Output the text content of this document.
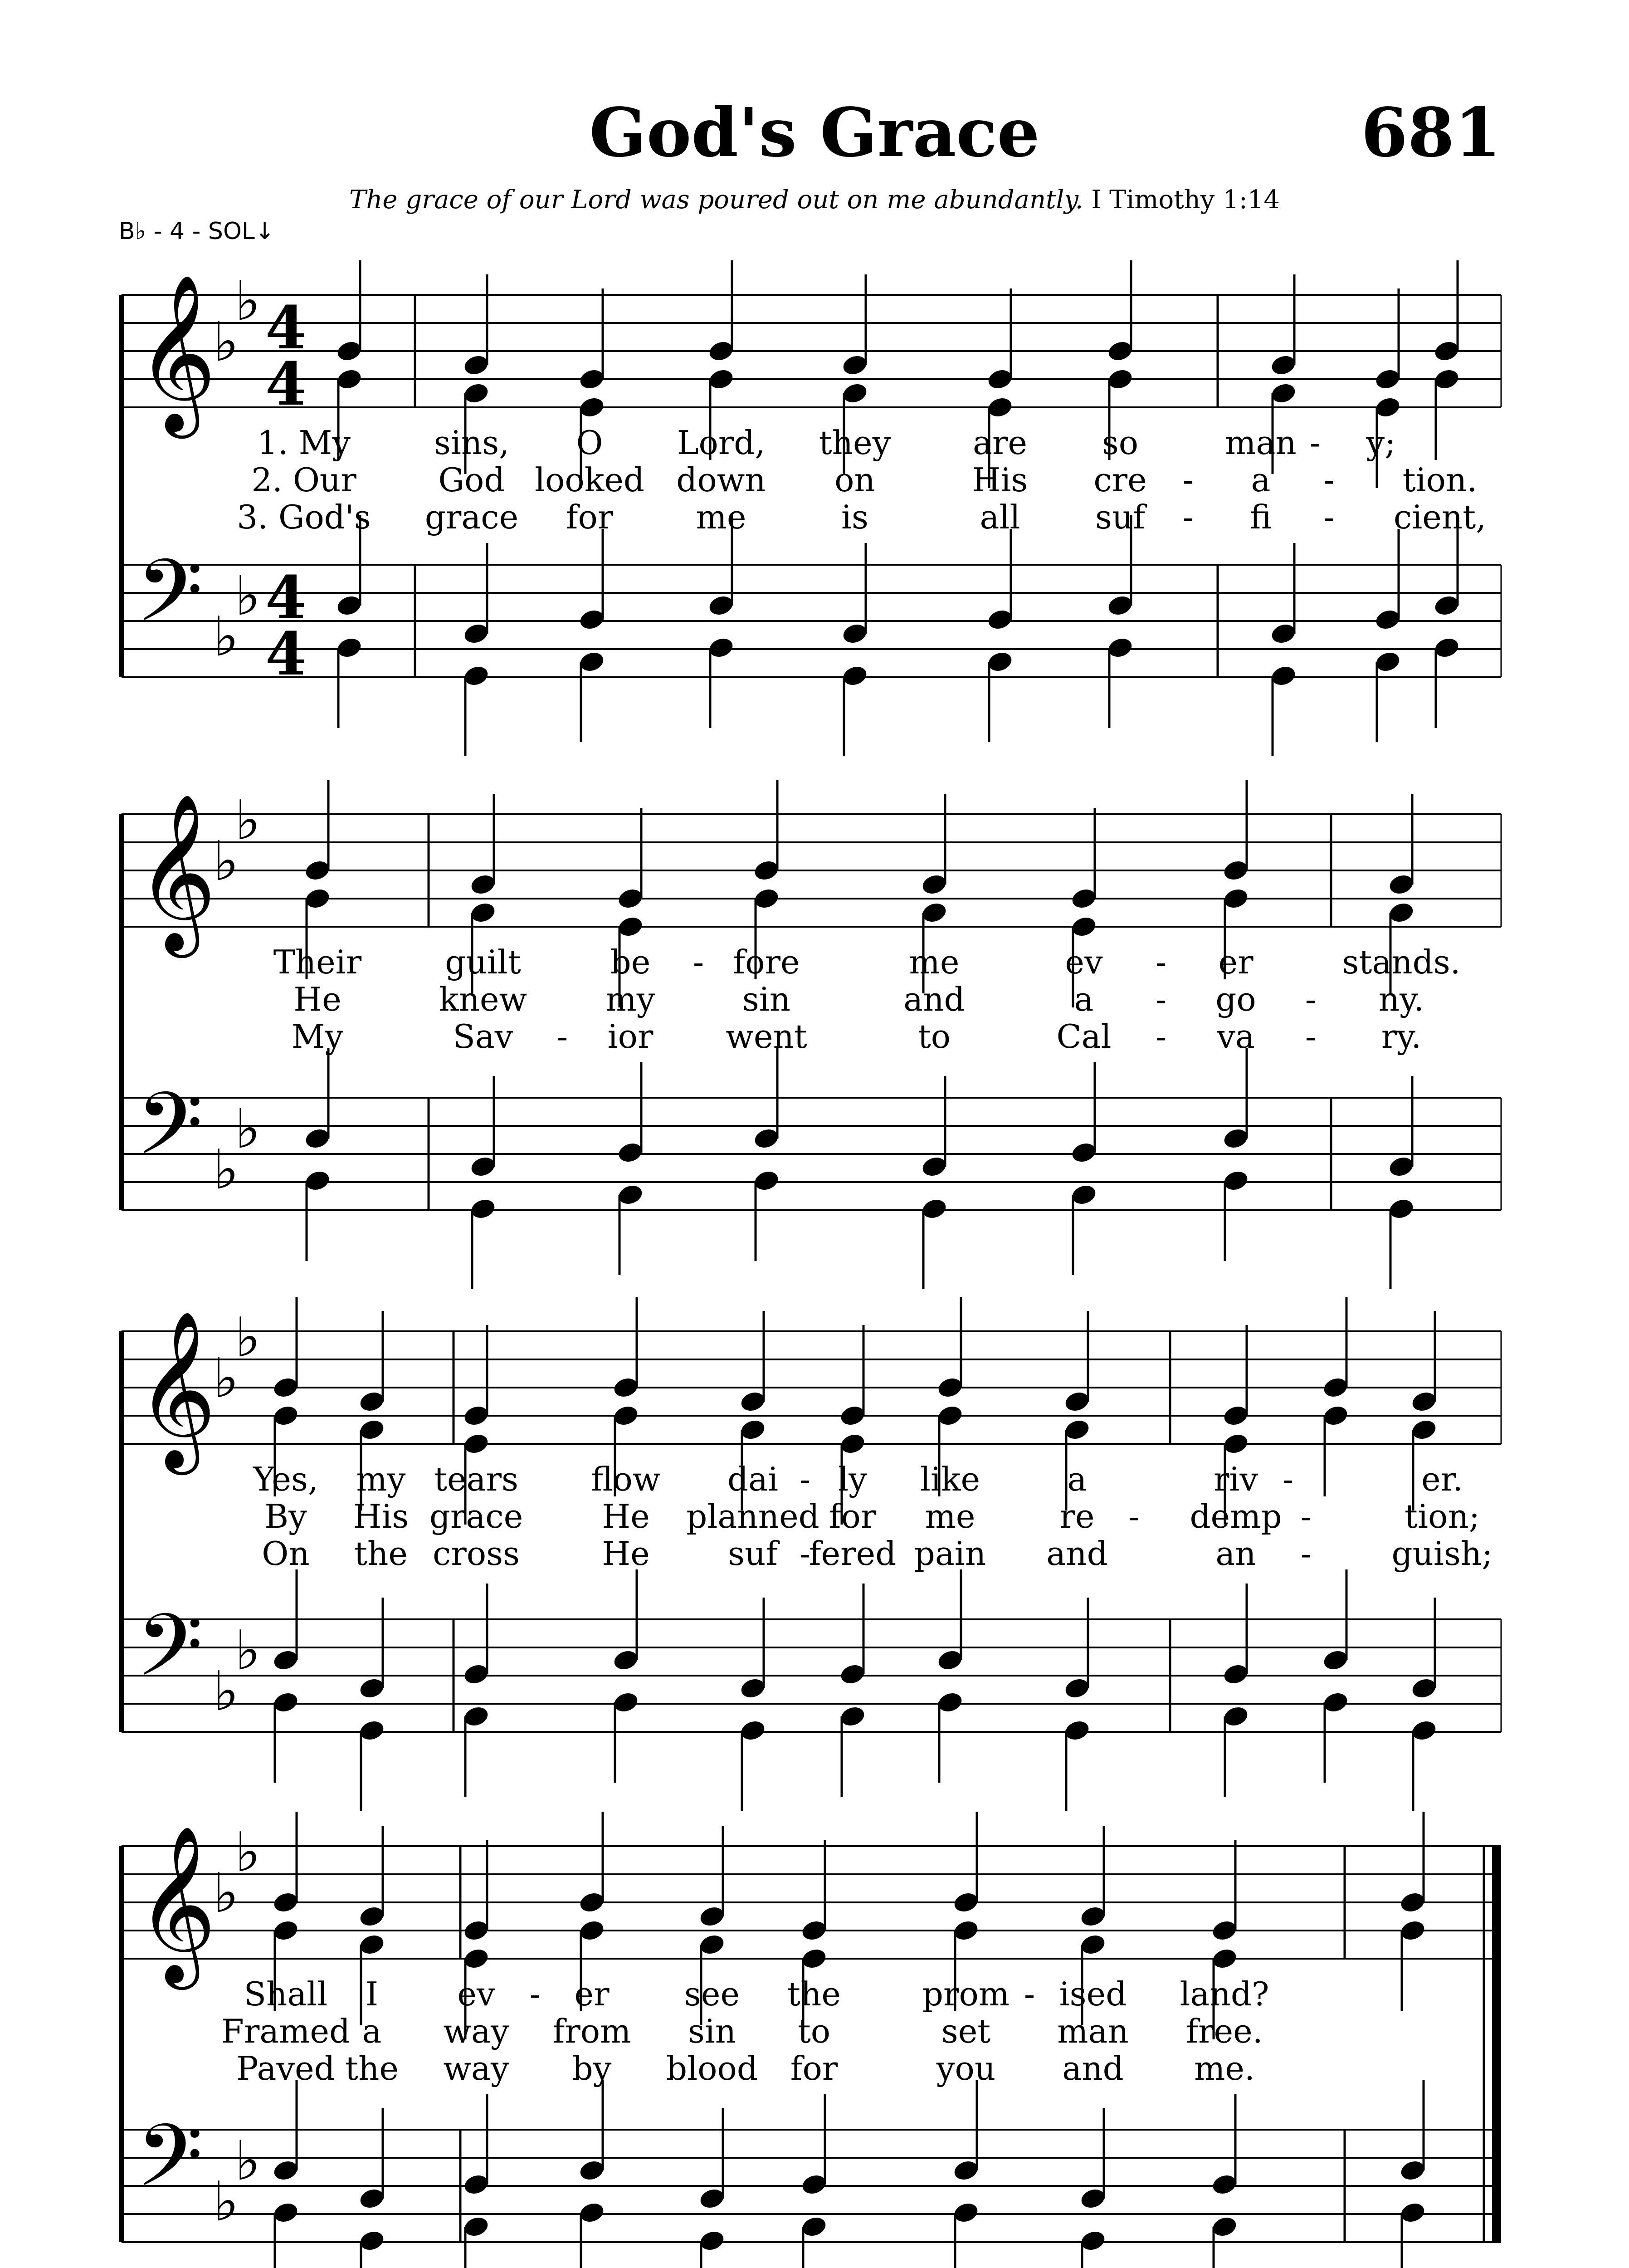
God's Grace	681
The grace of our Lord was poured out on me abundantly. I Timothy 1:14
B♭ - 4 - SOL↓
𝄞
𝄢
♭
♭
♭
♭
4
4
4
4
𝄞
𝄢
♭
♭
♭
♭
𝄞
𝄢
♭
♭
♭
♭
𝄞
𝄢
♭
♭
♭
♭
1. My	sins, O Lord, they	are so	man - y;
2. Our	God looked down on	His cre - a - tion.
3. God's grace for	me	is	all suf - fi - cient,
Their	guilt	be - fore	me	ev - er	stands.
He	knew my	sin	and	a - go - ny.
My	Sav - ior went	to	Cal - va - ry.
Yes, my tears flow dai - ly like	a	riv -	er.
By His grace He planned for me	re - demp -	tion;
On the cross	He suf -
fered pain and	an - guish;
Shall I ev - er see the prom - ised land?
Framed a way from sin to	set man free.
Paved the way by blood for	you and me.
